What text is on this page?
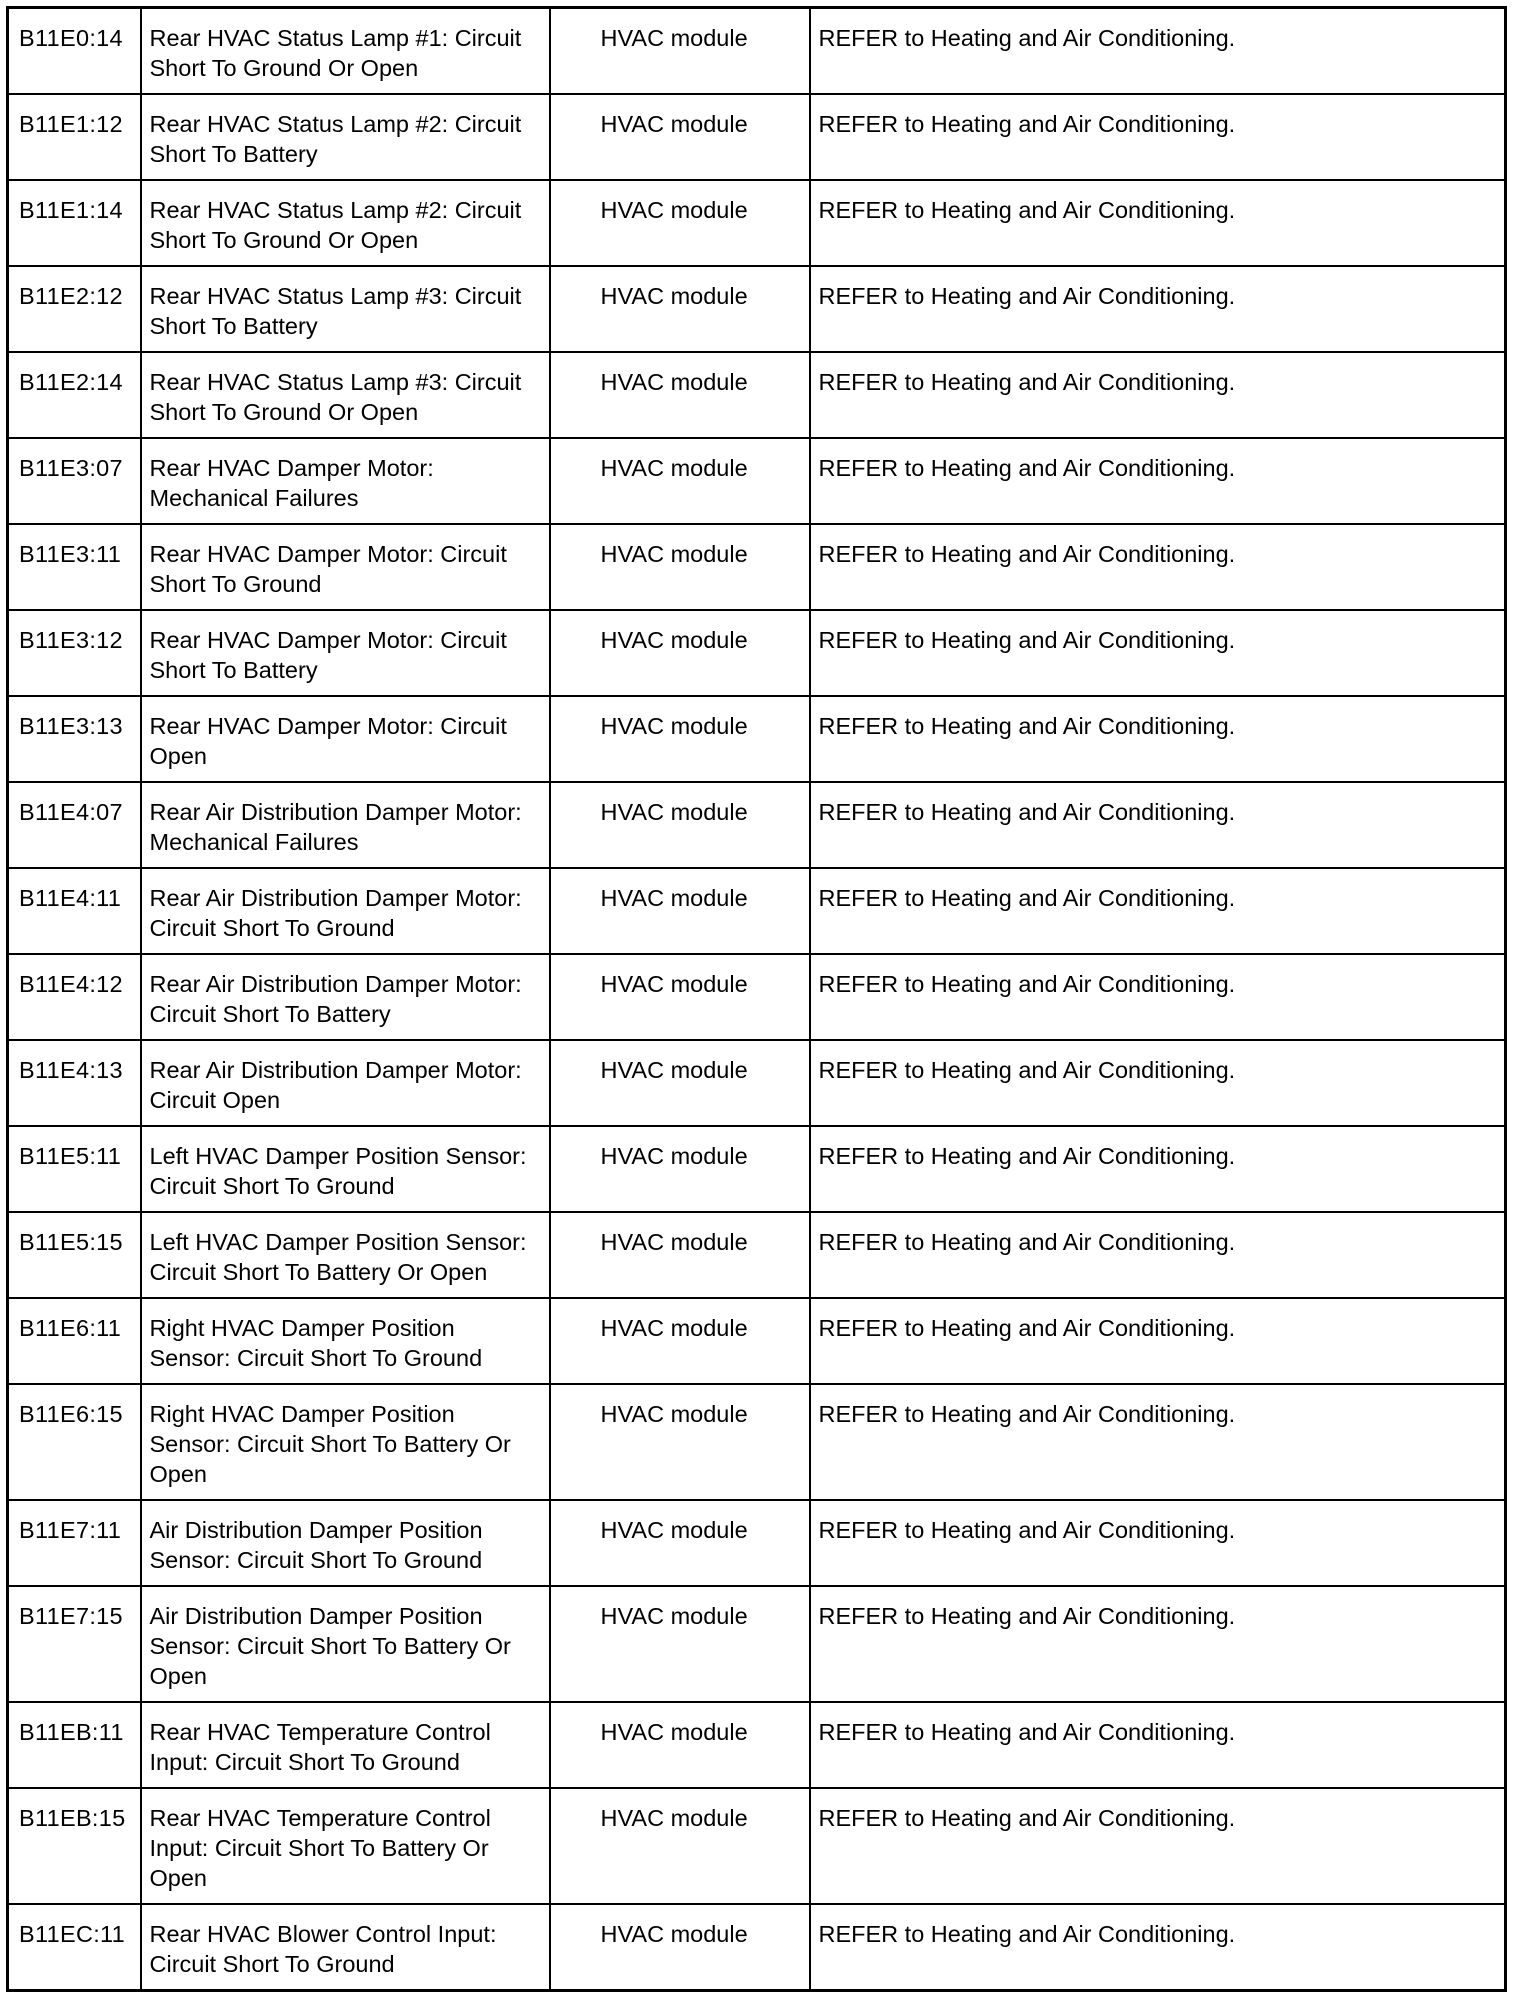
B11E0:14	Rear HVAC Status Lamp #1: Circuit Short To Ground Or Open	HVAC module	REFER to Heating and Air Conditioning.
B11E1:12	Rear HVAC Status Lamp #2: Circuit Short To Battery	HVAC module	REFER to Heating and Air Conditioning.
B11E1:14	Rear HVAC Status Lamp #2: Circuit Short To Ground Or Open	HVAC module	REFER to Heating and Air Conditioning.
B11E2:12	Rear HVAC Status Lamp #3: Circuit Short To Battery	HVAC module	REFER to Heating and Air Conditioning.
B11E2:14	Rear HVAC Status Lamp #3: Circuit Short To Ground Or Open	HVAC module	REFER to Heating and Air Conditioning.
B11E3:07	Rear HVAC Damper Motor: Mechanical Failures	HVAC module	REFER to Heating and Air Conditioning.
B11E3:11	Rear HVAC Damper Motor: Circuit Short To Ground	HVAC module	REFER to Heating and Air Conditioning.
B11E3:12	Rear HVAC Damper Motor: Circuit Short To Battery	HVAC module	REFER to Heating and Air Conditioning.
B11E3:13	Rear HVAC Damper Motor: Circuit Open	HVAC module	REFER to Heating and Air Conditioning.
B11E4:07	Rear Air Distribution Damper Motor: Mechanical Failures	HVAC module	REFER to Heating and Air Conditioning.
B11E4:11	Rear Air Distribution Damper Motor: Circuit Short To Ground	HVAC module	REFER to Heating and Air Conditioning.
B11E4:12	Rear Air Distribution Damper Motor: Circuit Short To Battery	HVAC module	REFER to Heating and Air Conditioning.
B11E4:13	Rear Air Distribution Damper Motor: Circuit Open	HVAC module	REFER to Heating and Air Conditioning.
B11E5:11	Left HVAC Damper Position Sensor: Circuit Short To Ground	HVAC module	REFER to Heating and Air Conditioning.
B11E5:15	Left HVAC Damper Position Sensor: Circuit Short To Battery Or Open	HVAC module	REFER to Heating and Air Conditioning.
B11E6:11	Right HVAC Damper Position Sensor: Circuit Short To Ground	HVAC module	REFER to Heating and Air Conditioning.
B11E6:15	Right HVAC Damper Position Sensor: Circuit Short To Battery Or Open	HVAC module	REFER to Heating and Air Conditioning.
B11E7:11	Air Distribution Damper Position Sensor: Circuit Short To Ground	HVAC module	REFER to Heating and Air Conditioning.
B11E7:15	Air Distribution Damper Position Sensor: Circuit Short To Battery Or Open	HVAC module	REFER to Heating and Air Conditioning.
B11EB:11	Rear HVAC Temperature Control Input: Circuit Short To Ground	HVAC module	REFER to Heating and Air Conditioning.
B11EB:15	Rear HVAC Temperature Control Input: Circuit Short To Battery Or Open	HVAC module	REFER to Heating and Air Conditioning.
B11EC:11	Rear HVAC Blower Control Input: Circuit Short To Ground	HVAC module	REFER to Heating and Air Conditioning.
